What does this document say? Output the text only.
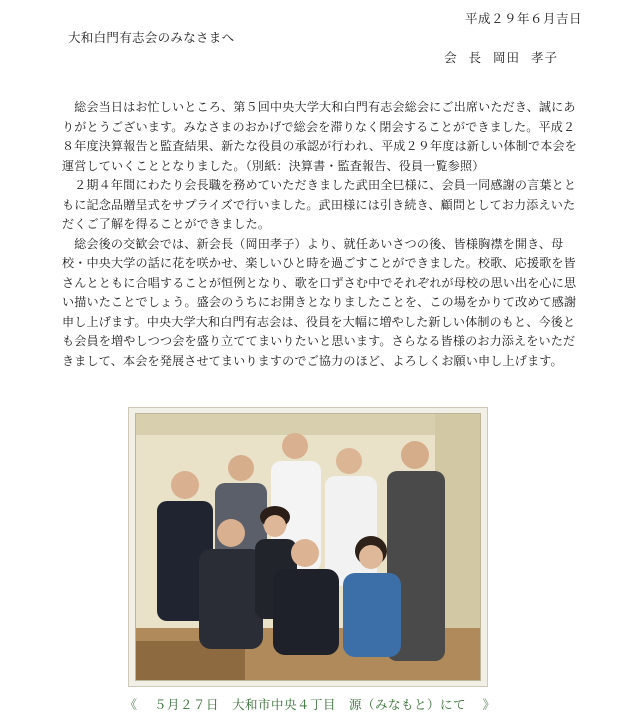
平成２９年６月吉日
大和白門有志会のみなさまへ
会 長 岡田 孝子

総会当日はお忙しいところ、第５回中央大学大和白門有志会総会にご出席いただき、誠にありがとうございます。みなさまのおかげで総会を滞りなく閉会することができました。平成２８年度決算報告と監査結果、新たな役員の承認が行われ、平成２９年度は新しい体制で本会を運営していくこととなりました。（別紙：決算書・監査報告、役員一覧参照）

２期４年間にわたり会長職を務めていただきました武田全巳様に、会員一同感謝の言葉とともに記念品贈呈式をサプライズで行いました。武田様には引き続き、顧問としてお力添えいただくご了解を得ることができました。

総会後の交歓会では、新会長（岡田孝子）より、就任あいさつの後、皆様胸襟を開き、母校・中央大学の話に花を咲かせ、楽しいひと時を過ごすことができました。校歌、応援歌を皆さんとともに合唱することが恒例となり、歌を口ずさむ中でそれぞれが母校の思い出を心に思い描いたことでしょう。盛会のうちにお開きとなりましたことを、この場をかりて改めて感謝申し上げます。中央大学大和白門有志会は、役員を大幅に増やした新しい体制のもと、今後とも会員を増やしつつ会を盛り立ててまいりたいと思います。さらなる皆様のお力添えをいただきまして、本会を発展させてまいりますのでご協力のほど、よろしくお願い申し上げます。

《 ５月２７日　大和市中央４丁目　源（みなもと）にて 》
